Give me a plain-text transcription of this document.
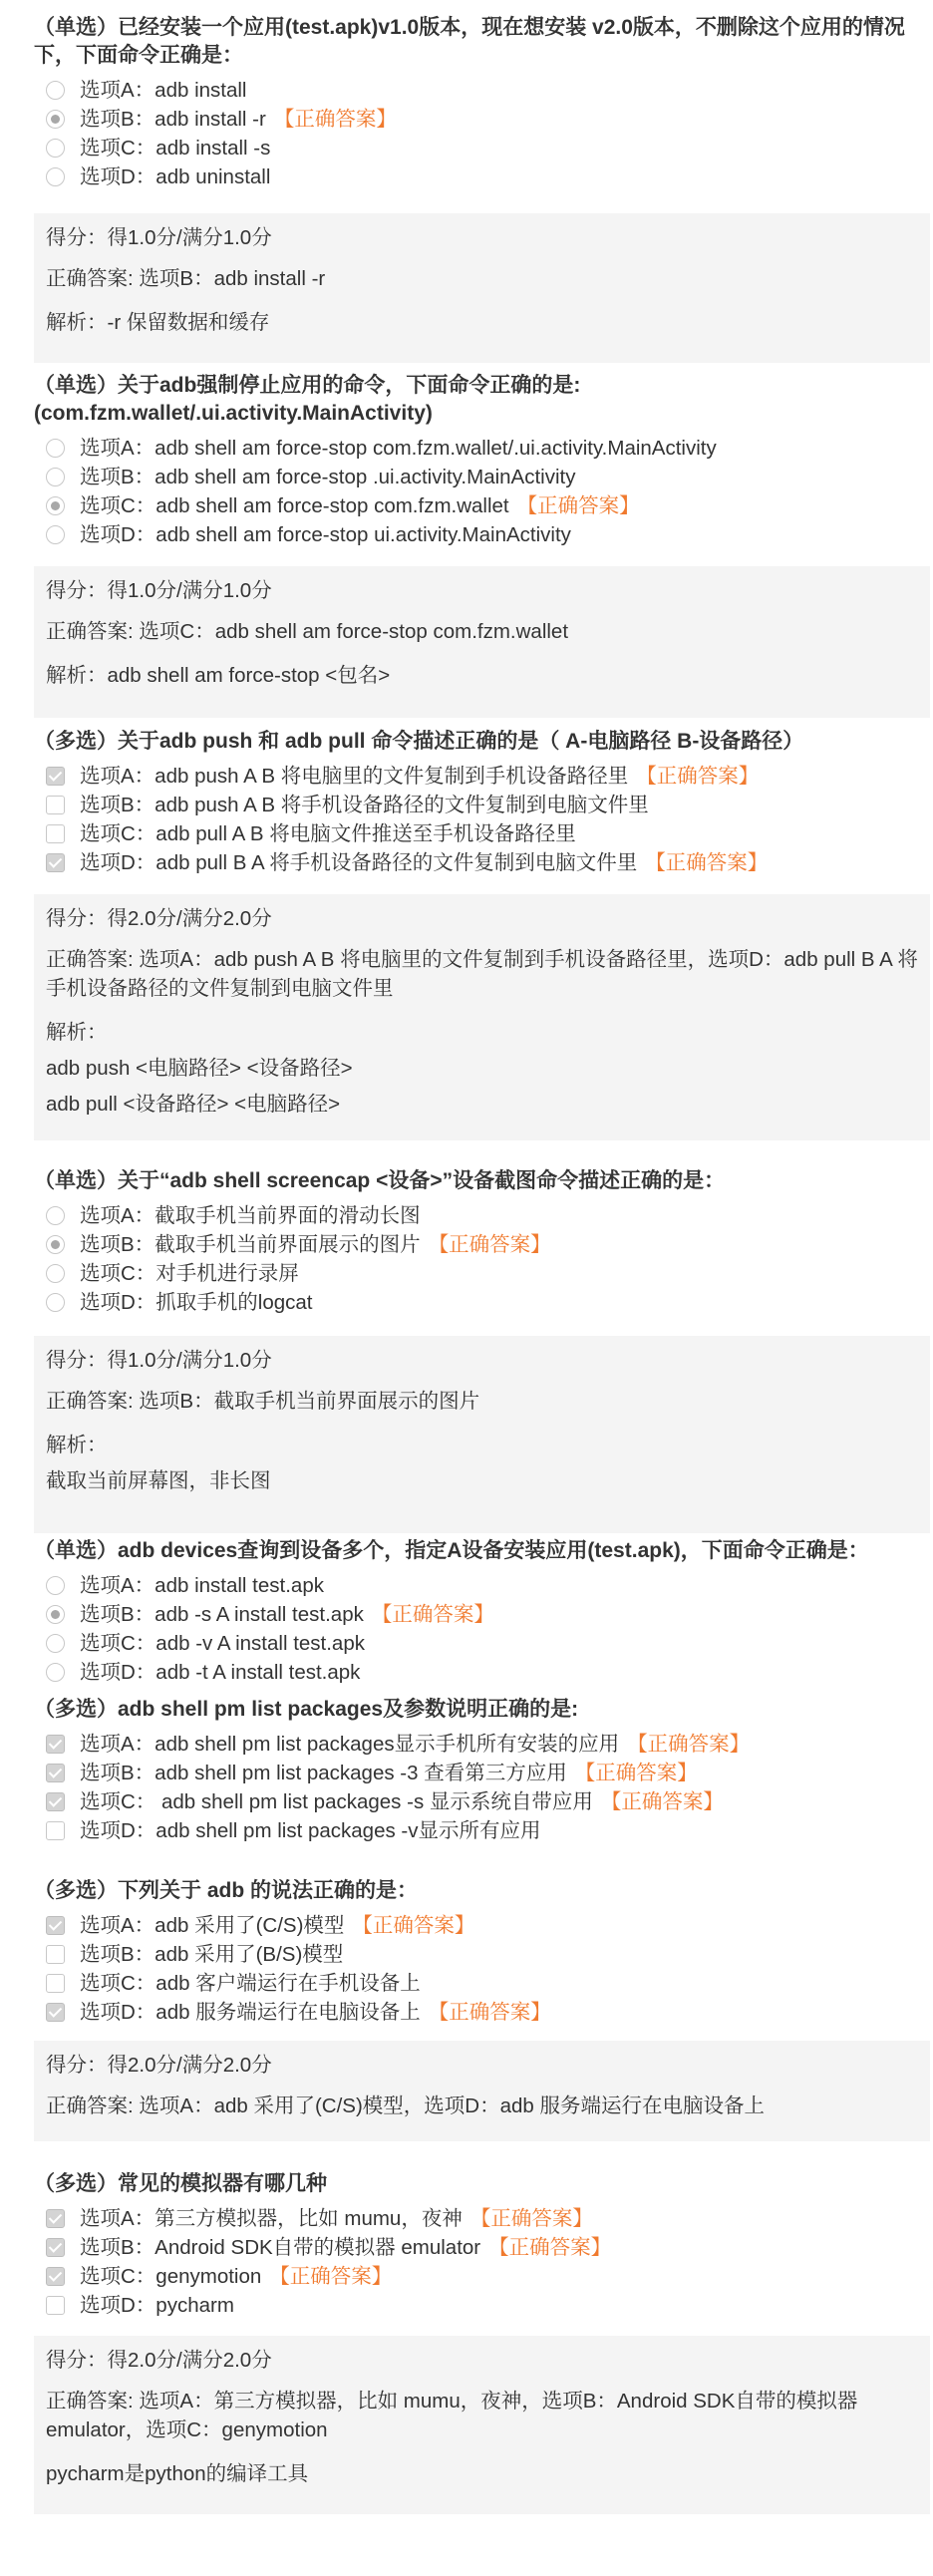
（单选）已经安装一个应用(test.apk)v1.0版本，现在想安装 v2.0版本，不删除这个应用的情况下，下面命令正确是：
选项A：adb install
选项B：adb install -r 【正确答案】
选项C：adb install -s
选项D：adb uninstall
得分：得1.0分/满分1.0分
正确答案: 选项B：adb install -r
解析：-r 保留数据和缓存
（单选）关于adb强制停止应用的命令，下面命令正确的是:
(com.fzm.wallet/.ui.activity.MainActivity)
选项A：adb shell am force-stop com.fzm.wallet/.ui.activity.MainActivity
选项B：adb shell am force-stop .ui.activity.MainActivity
选项C：adb shell am force-stop com.fzm.wallet 【正确答案】
选项D：adb shell am force-stop ui.activity.MainActivity
得分：得1.0分/满分1.0分
正确答案: 选项C：adb shell am force-stop com.fzm.wallet
解析：adb shell am force-stop <包名>
（多选）关于adb push 和 adb pull 命令描述正确的是（ A-电脑路径 B-设备路径）
选项A：adb push A B 将电脑里的文件复制到手机设备路径里 【正确答案】
选项B：adb push A B 将手机设备路径的文件复制到电脑文件里
选项C：adb pull A B 将电脑文件推送至手机设备路径里
选项D：adb pull B A 将手机设备路径的文件复制到电脑文件里 【正确答案】
得分：得2.0分/满分2.0分
正确答案: 选项A：adb push A B 将电脑里的文件复制到手机设备路径里，选项D：adb pull B A 将手机设备路径的文件复制到电脑文件里
解析：
adb push <电脑路径> <设备路径>
adb pull <设备路径> <电脑路径>
（单选）关于“adb shell screencap <设备>”设备截图命令描述正确的是：
选项A：截取手机当前界面的滑动长图
选项B：截取手机当前界面展示的图片 【正确答案】
选项C：对手机进行录屏
选项D：抓取手机的logcat
得分：得1.0分/满分1.0分
正确答案: 选项B：截取手机当前界面展示的图片
解析：
截取当前屏幕图，非长图
（单选）adb devices查询到设备多个，指定A设备安装应用(test.apk)，下面命令正确是：
选项A：adb install test.apk
选项B：adb -s A install test.apk 【正确答案】
选项C：adb -v A install test.apk
选项D：adb -t A install test.apk
（多选）adb shell pm list packages及参数说明正确的是:
选项A：adb shell pm list packages显示手机所有安装的应用 【正确答案】
选项B：adb shell pm list packages -3 查看第三方应用 【正确答案】
选项C： adb shell pm list packages -s 显示系统自带应用 【正确答案】
选项D：adb shell pm list packages -v显示所有应用
（多选）下列关于 adb 的说法正确的是：
选项A：adb 采用了(C/S)模型 【正确答案】
选项B：adb 采用了(B/S)模型
选项C：adb 客户端运行在手机设备上
选项D：adb 服务端运行在电脑设备上 【正确答案】
得分：得2.0分/满分2.0分
正确答案: 选项A：adb 采用了(C/S)模型，选项D：adb 服务端运行在电脑设备上
（多选）常见的模拟器有哪几种
选项A：第三方模拟器，比如 mumu，夜神 【正确答案】
选项B：Android SDK自带的模拟器 emulator 【正确答案】
选项C：genymotion 【正确答案】
选项D：pycharm
得分：得2.0分/满分2.0分
正确答案: 选项A：第三方模拟器，比如 mumu，夜神，选项B：Android SDK自带的模拟器 emulator，选项C：genymotion
pycharm是python的编译工具
